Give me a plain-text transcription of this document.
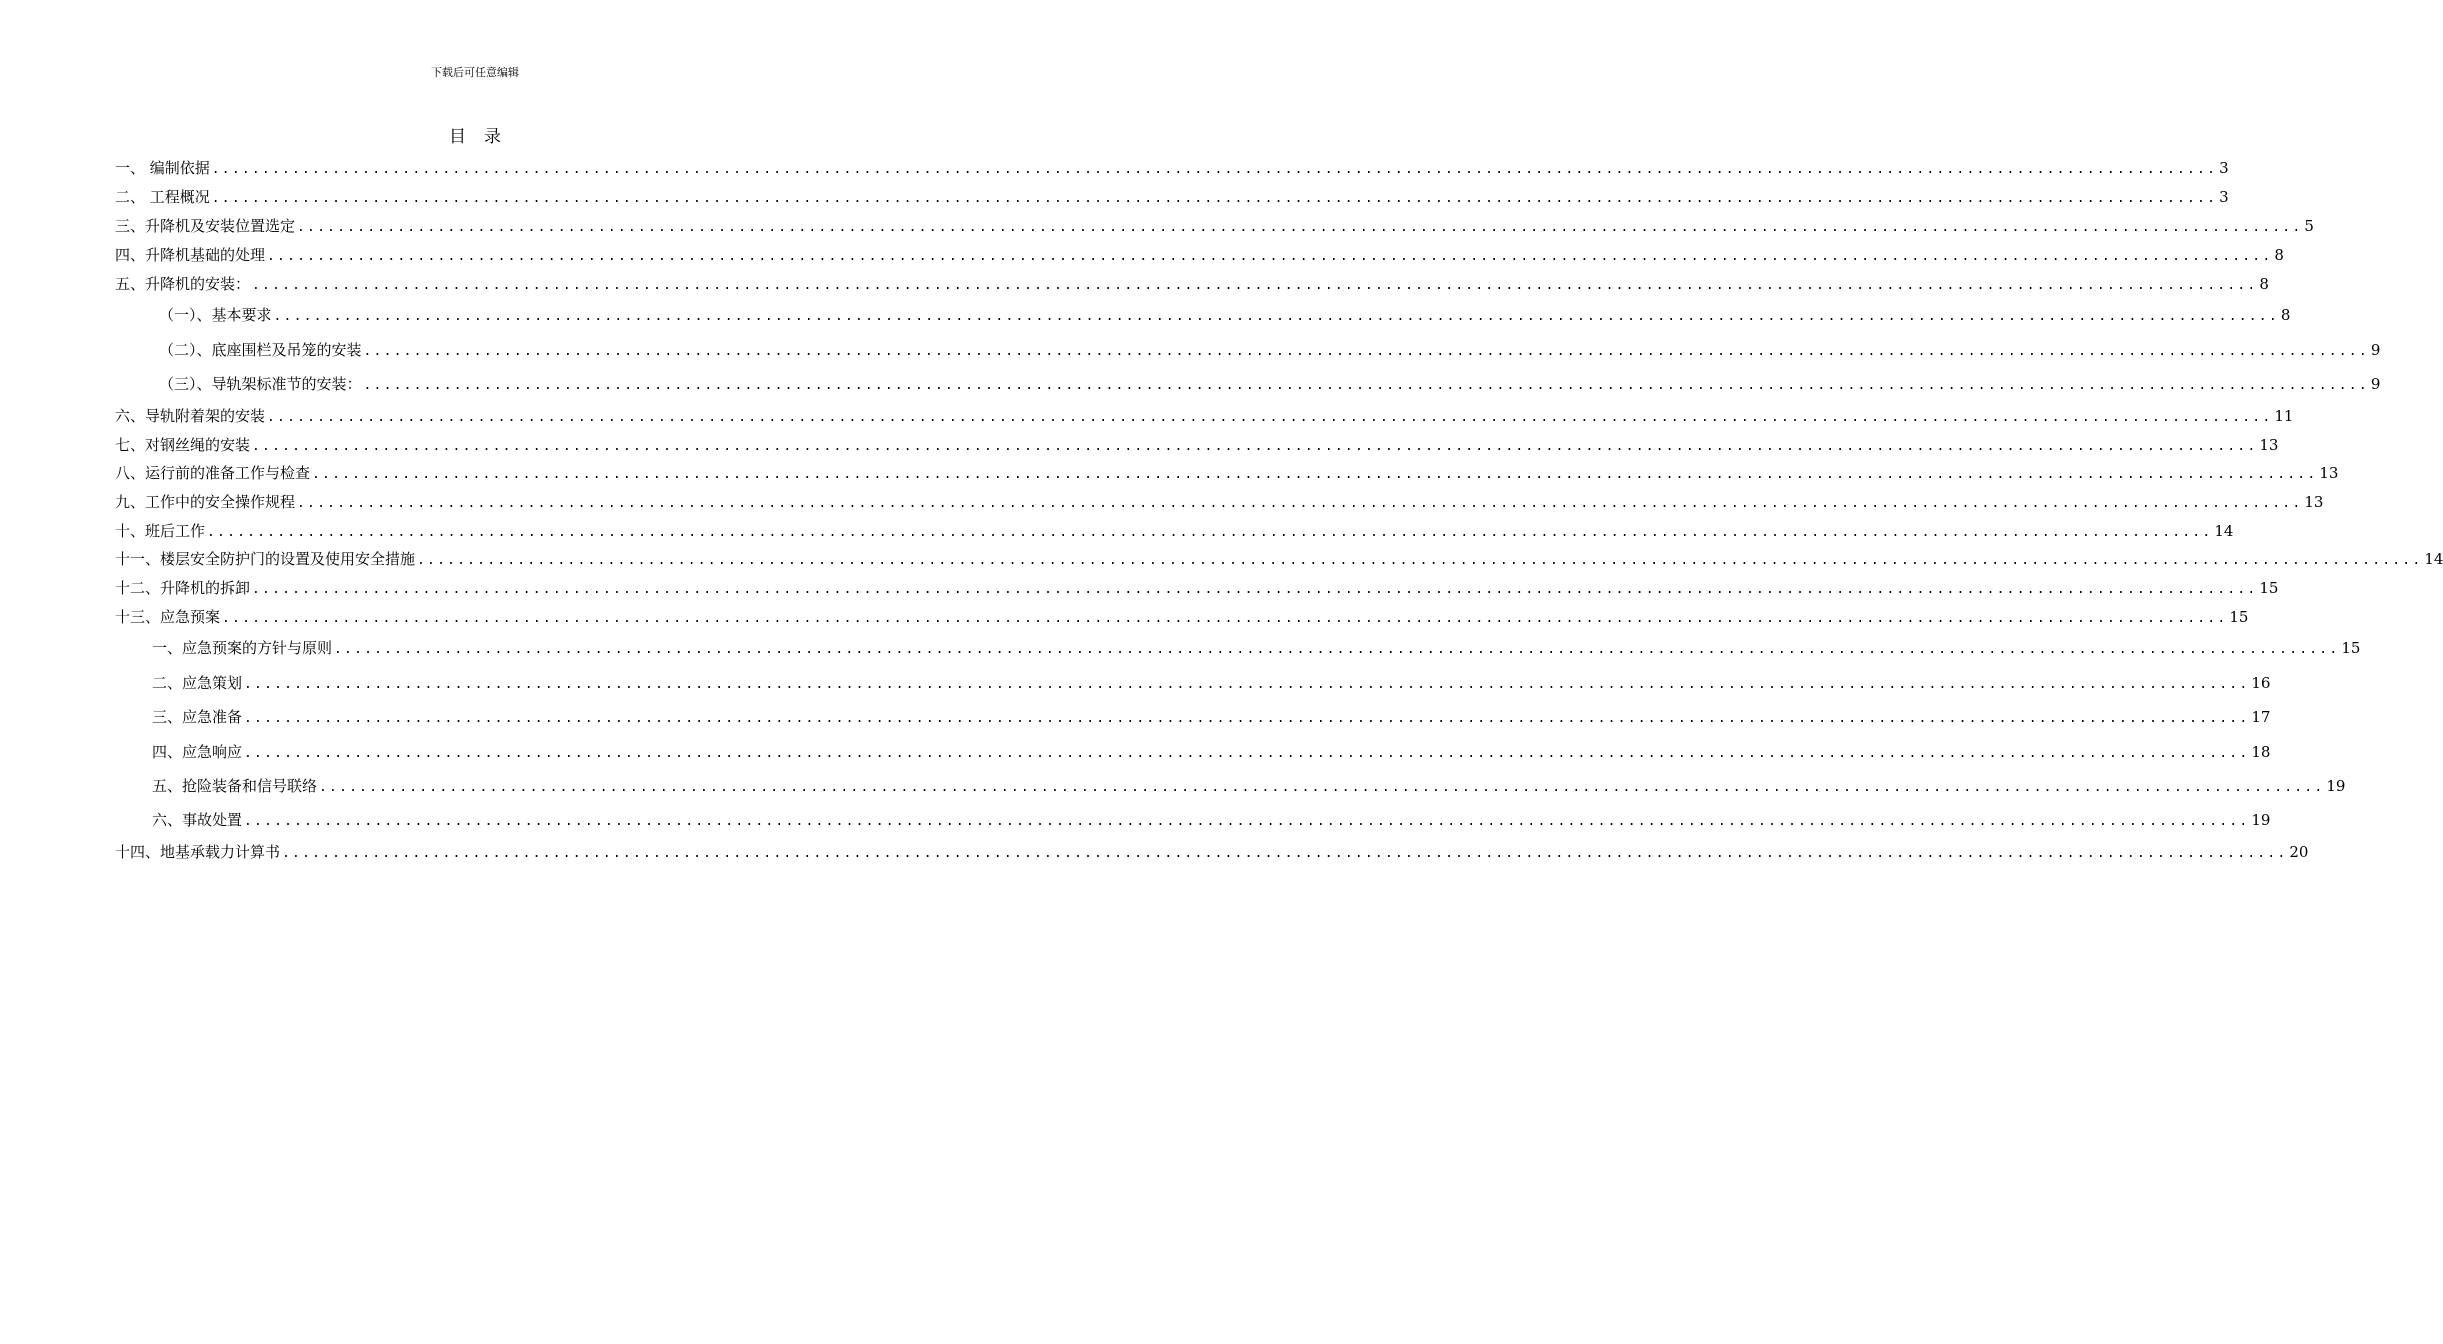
下载后可任意编辑
目录
一、 编制依据 ........................................................................................................................................................................................................ 3
二、 工程概况 ........................................................................................................................................................................................................ 3
三、升降机及安装位置选定 ........................................................................................................................................................................................................ 5
四、升降机基础的处理 ........................................................................................................................................................................................................ 8
五、升降机的安装： ........................................................................................................................................................................................................ 8
（一）、基本要求 ........................................................................................................................................................................................................ 8
（二）、底座围栏及吊笼的安装 ........................................................................................................................................................................................................ 9
（三）、导轨架标准节的安装： ........................................................................................................................................................................................................ 9
六、导轨附着架的安装 ........................................................................................................................................................................................................ 11
七、对钢丝绳的安装 ........................................................................................................................................................................................................ 13
八、运行前的准备工作与检查 ........................................................................................................................................................................................................ 13
九、工作中的安全操作规程 ........................................................................................................................................................................................................ 13
十、班后工作 ........................................................................................................................................................................................................ 14
十一、楼层安全防护门的设置及使用安全措施 ........................................................................................................................................................................................................ 14
十二、升降机的拆卸 ........................................................................................................................................................................................................ 15
十三、应急预案 ........................................................................................................................................................................................................ 15
一、应急预案的方针与原则 ........................................................................................................................................................................................................ 15
二、应急策划 ........................................................................................................................................................................................................ 16
三、应急准备 ........................................................................................................................................................................................................ 17
四、应急响应 ........................................................................................................................................................................................................ 18
五、抢险装备和信号联络 ........................................................................................................................................................................................................ 19
六、事故处置 ........................................................................................................................................................................................................ 19
十四、地基承载力计算书 ........................................................................................................................................................................................................ 20
